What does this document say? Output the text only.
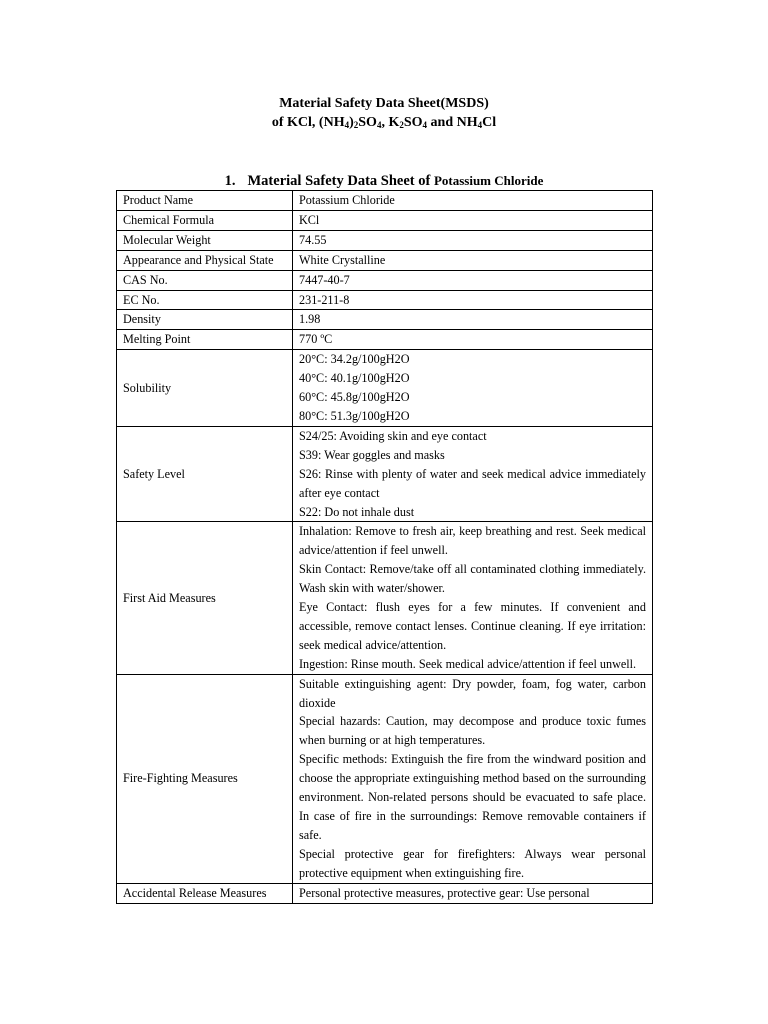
Material Safety Data Sheet(MSDS)
of KCl, $(NH_4)_2SO_4$, $K_2SO_4$ and $NH_4Cl$
1. Material Safety Data Sheet of Potassium Chloride
Product Name	Potassium Chloride

Chemical Formula	KCl

Molecular Weight	74.55

Appearance and Physical State	White Crystalline

CAS No.	7447-40-7

EC No.	231-211-8

Density	1.98

Melting Point	770 ºC

Solubility	20°C: 34.2g/100gH2O
40°C: 40.1g/100gH2O
60°C: 45.8g/100gH2O
80°C: 51.3g/100gH2O

Safety Level	S24/25: Avoiding skin and eye contact
S39: Wear goggles and masks
S26: Rinse with plenty of water and seek medical advice immediately after eye contact
S22: Do not inhale dust

First Aid Measures	Inhalation: Remove to fresh air, keep breathing and rest. Seek medical advice/attention if feel unwell.
Skin Contact: Remove/take off all contaminated clothing immediately. Wash skin with water/shower.
Eye Contact: flush eyes for a few minutes. If convenient and accessible, remove contact lenses. Continue cleaning. If eye irritation: seek medical advice/attention.
Ingestion: Rinse mouth. Seek medical advice/attention if feel unwell.

Fire-Fighting Measures	Suitable extinguishing agent: Dry powder, foam, fog water, carbon dioxide
Special hazards: Caution, may decompose and produce toxic fumes when burning or at high temperatures.
Specific methods: Extinguish the fire from the windward position and choose the appropriate extinguishing method based on the surrounding environment. Non-related persons should be evacuated to safe place. In case of fire in the surroundings: Remove removable containers if safe.
Special protective gear for firefighters: Always wear personal protective equipment when extinguishing fire.

Accidental Release Measures	Personal protective measures, protective gear: Use personal
